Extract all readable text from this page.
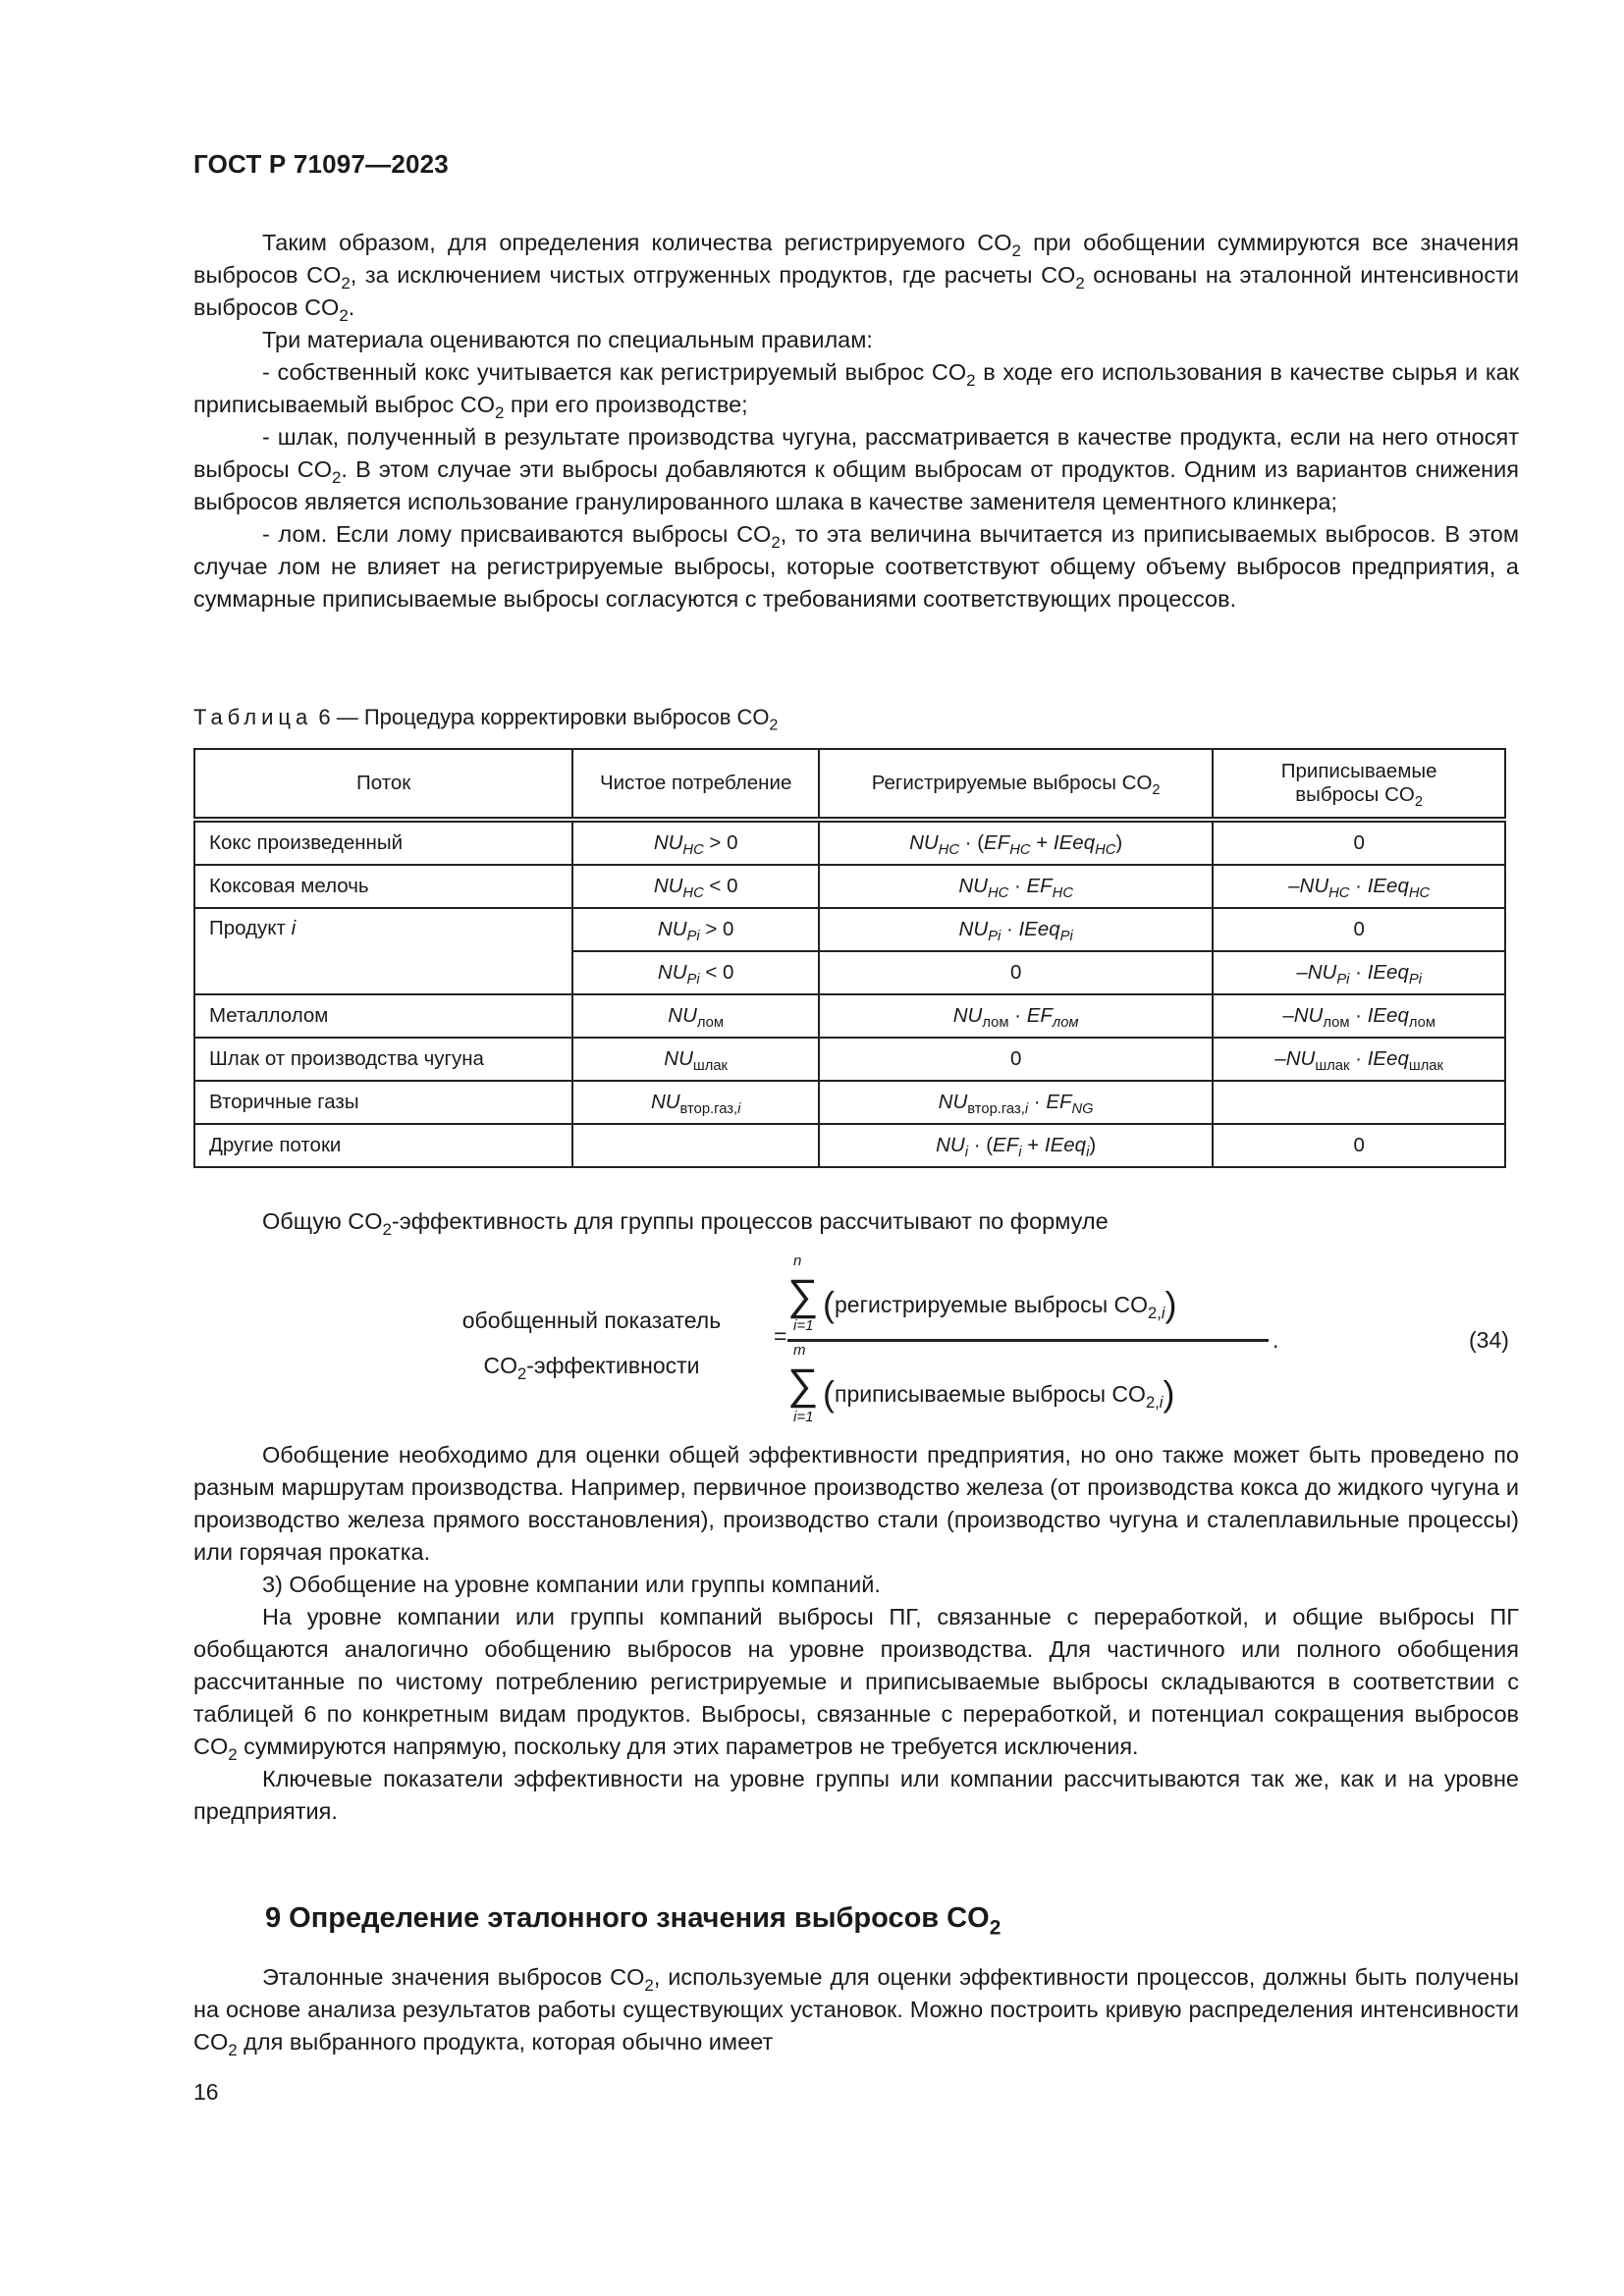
ГОСТ Р 71097—2023

Таким образом, для определения количества регистрируемого $CO_2$ при обобщении суммируются все значения выбросов $CO_2$, за исключением чистых отгруженных продуктов, где расчеты $CO_2$ основаны на эталонной интенсивности выбросов $CO_2$.

Три материала оцениваются по специальным правилам:

- собственный кокс учитывается как регистрируемый выброс $CO_2$ в ходе его использования в качестве сырья и как приписываемый выброс $CO_2$ при его производстве;

- шлак, полученный в результате производства чугуна, рассматривается в качестве продукта, если на него относят выбросы $CO_2$. В этом случае эти выбросы добавляются к общим выбросам от продуктов. Одним из вариантов снижения выбросов является использование гранулированного шлака в качестве заменителя цементного клинкера;

- лом. Если лому присваиваются выбросы $CO_2$, то эта величина вычитается из приписываемых выбросов. В этом случае лом не влияет на регистрируемые выбросы, которые соответствуют общему объему выбросов предприятия, а суммарные приписываемые выбросы согласуются с требованиями соответствующих процессов.

Таблица 6 — Процедура корректировки выбросов $CO_2$
Поток	Чистое потребление	Регистрируемые выбросы $CO_2$	Приписываемые
выбросы $CO_2$
Кокс произведенный	$NU_{HC} > 0$	$NU_{HC} \cdot (EF_{HC}$ + IEeq$_{HC}$)	0
Коксовая мелочь	$NU_{HC} < 0$	$NU_{HC} \cdot EF_{HC}$	$-NU_{HC}$ · IEeq$_{HC}$
Продукт i	$NU_{Pi} > 0$	$NU_{Pi}$ · IEeq$_{Pi}$	0
	$NU_{Pi} < 0$	0	$-NU_{Pi}$ · IEeq$_{Pi}$
Металлолом	$NU_{лом}$	$NU_{лом} \cdot EF_{лом}$	$-NU_{лом}$ · IEeq$_{лом}$
Шлак от производства чугуна	$NU_{шлак}$	0	$-NU_{шлак}$ · IEeq$_{шлак}$
Вторичные газы	$NU_{втор.газ,i}$	$NU_{втор.газ,i} \cdot EF_{NG}$	
Другие потоки		$NU_i \cdot (EF_i$ + IEeq$_i$)	0

Общую $CO_2$-эффективность для группы процессов рассчитывают по формуле

обобщенный показатель
$CO_2$-эффективности
=
n
∑
i=1
(регистрируемые выбросы $CO_{2,i}$)
m
∑
i=1
(приписываемые выбросы $CO_{2,i}$)
.	(34)

Обобщение необходимо для оценки общей эффективности предприятия, но оно также может быть проведено по разным маршрутам производства. Например, первичное производство железа (от производства кокса до жидкого чугуна и производство железа прямого восстановления), производство стали (производство чугуна и сталеплавильные процессы) или горячая прокатка.

3) Обобщение на уровне компании или группы компаний.

На уровне компании или группы компаний выбросы ПГ, связанные с переработкой, и общие выбросы ПГ обобщаются аналогично обобщению выбросов на уровне производства. Для частичного или полного обобщения рассчитанные по чистому потреблению регистрируемые и приписываемые выбросы складываются в соответствии с таблицей 6 по конкретным видам продуктов. Выбросы, связанные с переработкой, и потенциал сокращения выбросов $CO_2$ суммируются напрямую, поскольку для этих параметров не требуется исключения.

Ключевые показатели эффективности на уровне группы или компании рассчитываются так же, как и на уровне предприятия.

9 Определение эталонного значения выбросов $CO_2$

Эталонные значения выбросов $CO_2$, используемые для оценки эффективности процессов, должны быть получены на основе анализа результатов работы существующих установок. Можно построить кривую распределения интенсивности $CO_2$ для выбранного продукта, которая обычно имеет

16
